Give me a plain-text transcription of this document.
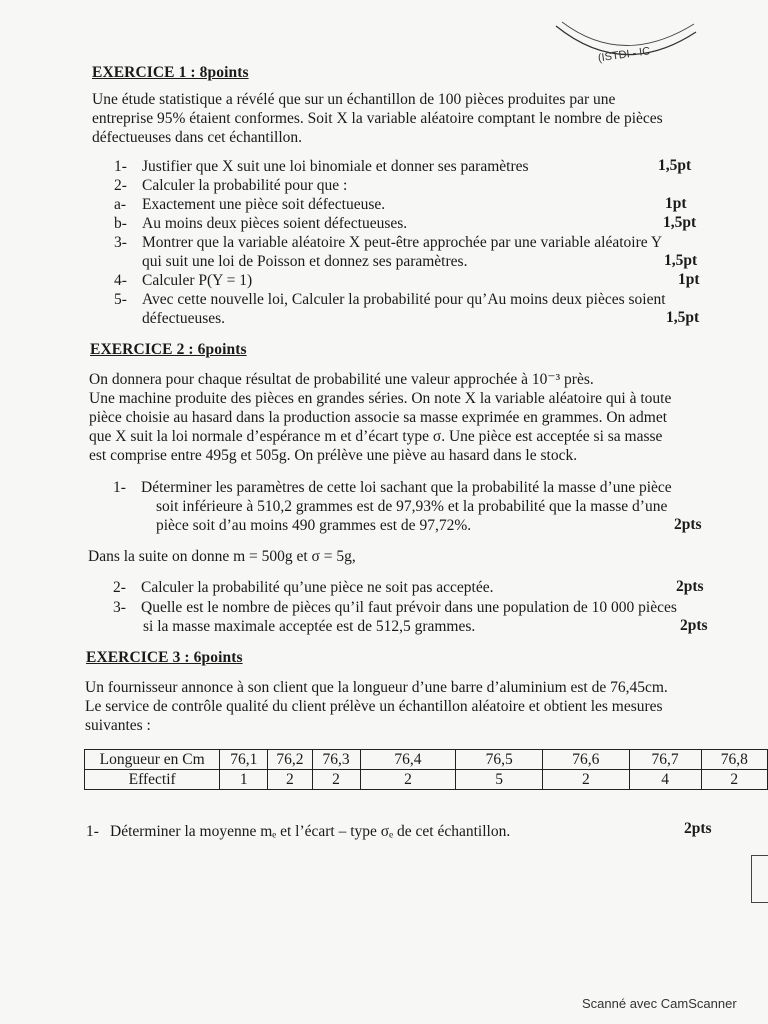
(ISTDI - IC
EXERCICE 1 : 8points
Une étude statistique a révélé que sur un échantillon de 100 pièces produites par une
entreprise 95% étaient conformes. Soit X la variable aléatoire comptant le nombre de pièces
défectueuses dans cet échantillon.
1- Justifier que X suit une loi binomiale et donner ses paramètres	1,5pt
2- Calculer la probabilité pour que :
a- Exactement une pièce soit défectueuse.	1pt
b- Au moins deux pièces soient défectueuses.	1,5pt
3- Montrer que la variable aléatoire X peut-être approchée par une variable aléatoire Y
qui suit une loi de Poisson et donnez ses paramètres.	1,5pt
4- Calculer P(Y = 1)	1pt
5- Avec cette nouvelle loi, Calculer la probabilité pour qu’Au moins deux pièces soient
défectueuses.	1,5pt
EXERCICE 2 : 6points
On donnera pour chaque résultat de probabilité une valeur approchée à 10⁻³ près.
Une machine produite des pièces en grandes séries. On note X la variable aléatoire qui à toute
pièce choisie au hasard dans la production associe sa masse exprimée en grammes. On admet
que X suit la loi normale d’espérance m et d’écart type σ. Une pièce est acceptée si sa masse
est comprise entre 495g et 505g. On prélève une piève au hasard dans le stock.
1- Déterminer les paramètres de cette loi sachant que la probabilité la masse d’une pièce
soit inférieure à 510,2 grammes est de 97,93% et la probabilité que la masse d’une
pièce soit d’au moins 490 grammes est de 97,72%.	2pts
Dans la suite on donne m = 500g et σ = 5g,
2- Calculer la probabilité qu’une pièce ne soit pas acceptée.	2pts
3- Quelle est le nombre de pièces qu’il faut prévoir dans une population de 10 000 pièces
si la masse maximale acceptée est de 512,5 grammes.	2pts
EXERCICE 3 : 6points
Un fournisseur annonce à son client que la longueur d’une barre d’aluminium est de 76,45cm.
Le service de contrôle qualité du client prélève un échantillon aléatoire et obtient les mesures
suivantes :
Longueur en Cm	76,1	76,2	76,3	76,4	76,5	76,6	76,7	76,8
Effectif	1	2	2	2	5	2	4	2
1- Déterminer la moyenne mₑ et l’écart – type σₑ de cet échantillon.	2pts
Scanné avec CamScanner
